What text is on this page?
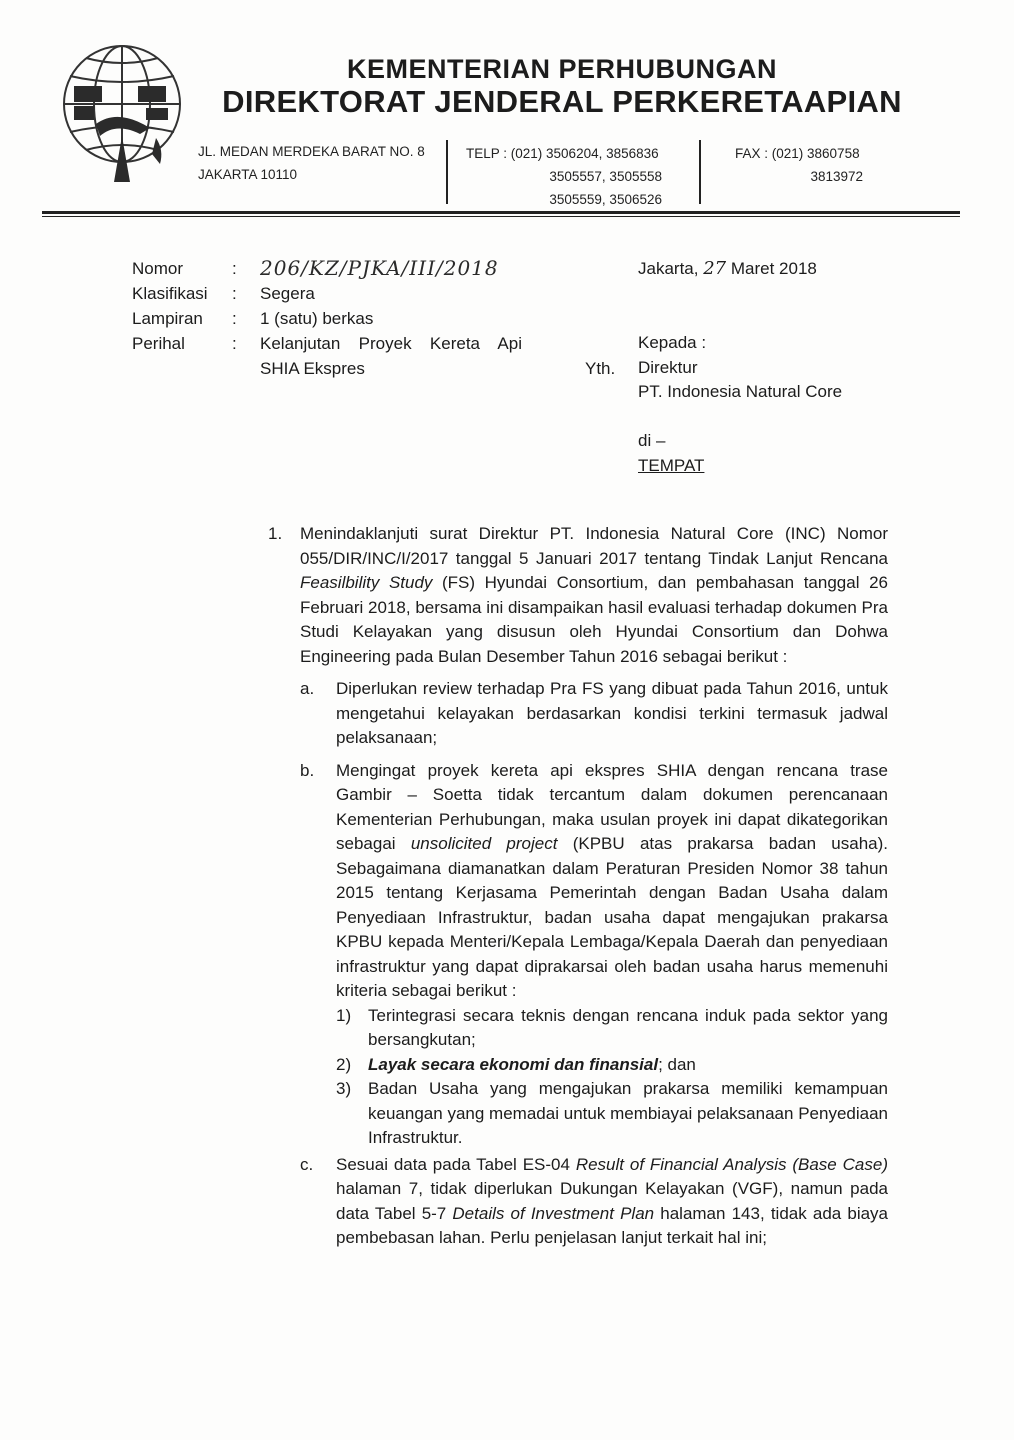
KEMENTERIAN PERHUBUNGAN
DIREKTORAT JENDERAL PERKERETAAPIAN
JL. MEDAN MERDEKA BARAT NO. 8
JAKARTA 10110
TELP : (021) 3506204, 3856836
3505557, 3505558
3505559, 3506526
FAX : (021) 3860758
3813972
Nomor	:	206/KZ/PJKA/III/2018
Klasifikasi	:	Segera
Lampiran	:	1 (satu) berkas
Perihal	:	Kelanjutan Proyek Kereta Api
SHIA Ekspres
Jakarta, 27 Maret 2018
Yth.
Kepada :
Direktur
PT. Indonesia Natural Core
di –
TEMPAT
1.	Menindaklanjuti surat Direktur PT. Indonesia Natural Core (INC) Nomor 055/DIR/INC/I/2017 tanggal 5 Januari 2017 tentang Tindak Lanjut Rencana Feasilbility Study (FS) Hyundai Consortium, dan pembahasan tanggal 26 Februari 2018, bersama ini disampaikan hasil evaluasi terhadap dokumen Pra Studi Kelayakan yang disusun oleh Hyundai Consortium dan Dohwa Engineering pada Bulan Desember Tahun 2016 sebagai berikut :
a.	Diperlukan review terhadap Pra FS yang dibuat pada Tahun 2016, untuk mengetahui kelayakan berdasarkan kondisi terkini termasuk jadwal pelaksanaan;
b.	Mengingat proyek kereta api ekspres SHIA dengan rencana trase Gambir – Soetta tidak tercantum dalam dokumen perencanaan Kementerian Perhubungan, maka usulan proyek ini dapat dikategorikan sebagai unsolicited project (KPBU atas prakarsa badan usaha). Sebagaimana diamanatkan dalam Peraturan Presiden Nomor 38 tahun 2015 tentang Kerjasama Pemerintah dengan Badan Usaha dalam Penyediaan Infrastruktur, badan usaha dapat mengajukan prakarsa KPBU kepada Menteri/Kepala Lembaga/Kepala Daerah dan penyediaan infrastruktur yang dapat diprakarsai oleh badan usaha harus memenuhi kriteria sebagai berikut :
1) Terintegrasi secara teknis dengan rencana induk pada sektor yang bersangkutan;
2) Layak secara ekonomi dan finansial; dan
3) Badan Usaha yang mengajukan prakarsa memiliki kemampuan keuangan yang memadai untuk membiayai pelaksanaan Penyediaan Infrastruktur.
c.	Sesuai data pada Tabel ES-04 Result of Financial Analysis (Base Case) halaman 7, tidak diperlukan Dukungan Kelayakan (VGF), namun pada data Tabel 5-7 Details of Investment Plan halaman 143, tidak ada biaya pembebasan lahan. Perlu penjelasan lanjut terkait hal ini;
